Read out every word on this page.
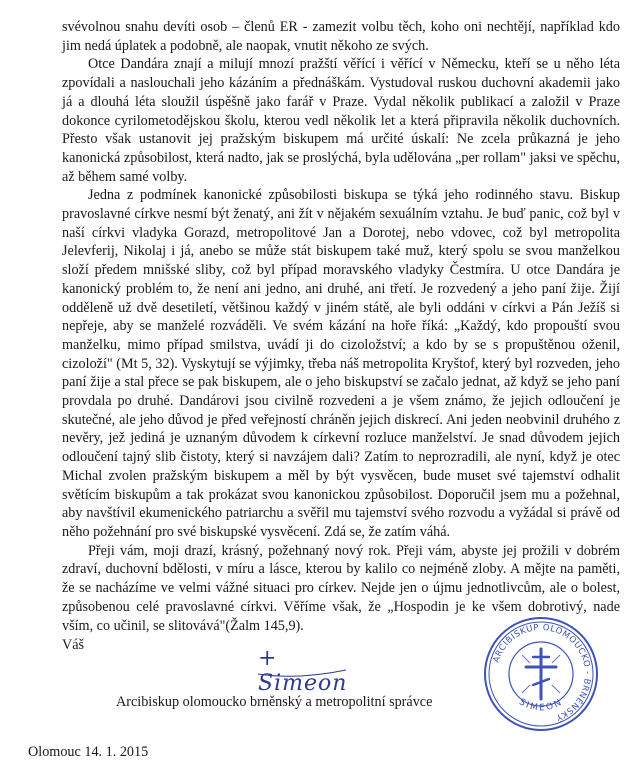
svévolnou snahu devíti osob – členů ER - zamezit volbu těch, koho oni nechtějí, například kdo jim nedá úplatek a podobně, ale naopak, vnutit někoho ze svých.

Otce Dandára znají a milují mnozí pražští věřící i věřící v Německu, kteří se u něho léta zpovídali a naslouchali jeho kázáním a přednáškám. Vystudoval ruskou duchovní akademii jako já a dlouhá léta sloužil úspěšně jako farář v Praze. Vydal několik publikací a založil v Praze dokonce cyrilometodějskou školu, kterou vedl několik let a která připravila několik duchovních. Přesto však ustanovit jej pražským biskupem má určité úskalí: Ne zcela průkazná je jeho kanonická způsobilost, která nadto, jak se proslýchá, byla udělována „per rollam" jaksi ve spěchu, až během samé volby.

Jedna z podmínek kanonické způsobilosti biskupa se týká jeho rodinného stavu. Biskup pravoslavné církve nesmí být ženatý, ani žít v nějakém sexuálním vztahu. Je buď panic, což byl v naší církvi vladyka Gorazd, metropolitové Jan a Dorotej, nebo vdovec, což byl metropolita Jelevferij, Nikolaj i já, anebo se může stát biskupem také muž, který spolu se svou manželkou složí předem mnišské sliby, což byl případ moravského vladyky Čestmíra. U otce Dandára je kanonický problém to, že není ani jedno, ani druhé, ani třetí. Je rozvedený a jeho paní žije. Žijí odděleně už dvě desetiletí, většinou každý v jiném státě, ale byli oddáni v církvi a Pán Ježíš si nepřeje, aby se manželé rozváděli. Ve svém kázání na hoře říká: „Každý, kdo propouští svou manželku, mimo případ smilstva, uvádí ji do cizoložství; a kdo by se s propuštěnou oženil, cizoloží" (Mt 5, 32). Vyskytují se výjimky, třeba náš metropolita Kryštof, který byl rozveden, jeho paní žije a stal přece se pak biskupem, ale o jeho biskupství se začalo jednat, až když se jeho paní provdala po druhé. Dandárovi jsou civilně rozvedeni a je všem známo, že jejich odloučení je skutečné, ale jeho důvod je před veřejností chráněn jejich diskrecí. Ani jeden neobvinil druhého z nevěry, jež jediná je uznaným důvodem k církevní rozluce manželství. Je snad důvodem jejich odloučení tajný slib čistoty, který si navzájem dali? Zatím to neprozradili, ale nyní, když je otec Michal zvolen pražským biskupem a měl by být vysvěcen, bude muset své tajemství odhalit světícím biskupům a tak prokázat svou kanonickou způsobilost. Doporučil jsem mu a požehnal, aby navštívil ekumenického patriarchu a svěřil mu tajemství svého rozvodu a vyžádal si právě od něho požehnání pro své biskupské vysvěcení. Zdá se, že zatím váhá.

Přeji vám, moji drazí, krásný, požehnaný nový rok. Přeji vám, abyste jej prožili v dobrém zdraví, duchovní bdělosti, v míru a lásce, kterou by kalilo co nejméně zloby. A mějte na paměti, že se nacházíme ve velmi vážné situaci pro církev. Nejde jen o újmu jednotlivcům, ale o bolest, způsobenou celé pravoslavné církvi. Věříme však, že „Hospodin je ke všem dobrotivý, nade vším, co učinil, se slitovává"(Žalm 145,9).

Váš
+ Simeon
Arcibiskup olomoucko brněnský a metropolitní správce
Olomouc 14. 1. 2015
ARCIBISKUP OLOMOUCKO - BRNĚNSKÝ
SIMEON
